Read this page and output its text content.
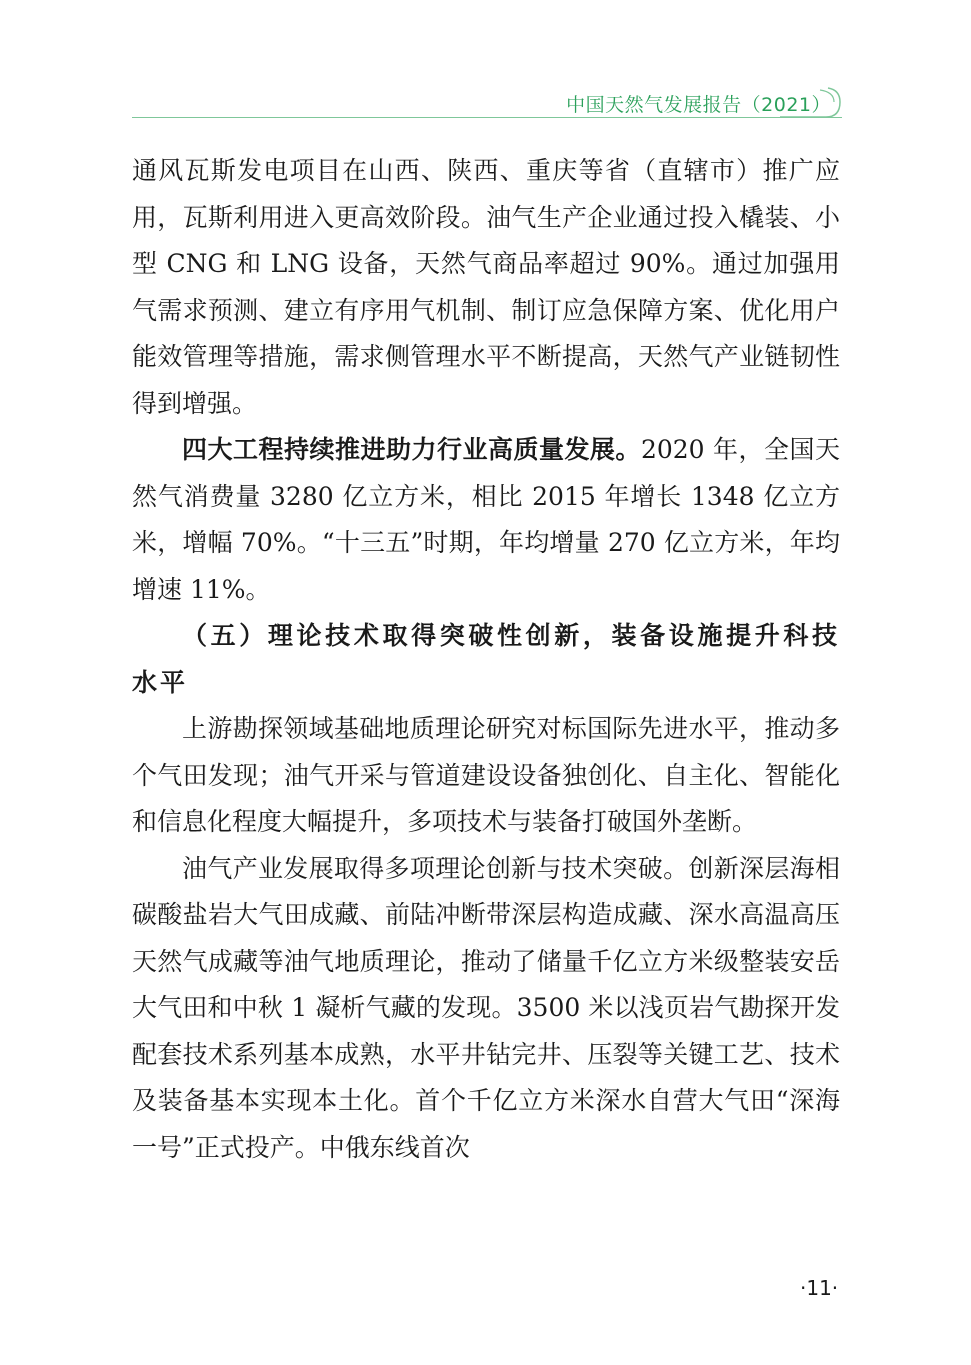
中国天然气发展报告（2021）

通风瓦斯发电项目在山西、陕西、重庆等省（直辖市）推广应用，瓦斯利用进入更高效阶段。油气生产企业通过投入橇装、小型 CNG 和 LNG 设备，天然气商品率超过 90%。通过加强用气需求预测、建立有序用气机制、制订应急保障方案、优化用户能效管理等措施，需求侧管理水平不断提高，天然气产业链韧性得到增强。

四大工程持续推进助力行业高质量发展。2020 年，全国天然气消费量 3280 亿立方米，相比 2015 年增长 1348 亿立方米，增幅 70%。“十三五”时期，年均增量 270 亿立方米，年均增速 11%。

（五）理论技术取得突破性创新，装备设施提升科技水平

上游勘探领域基础地质理论研究对标国际先进水平，推动多个气田发现；油气开采与管道建设设备独创化、自主化、智能化和信息化程度大幅提升，多项技术与装备打破国外垄断。

油气产业发展取得多项理论创新与技术突破。创新深层海相碳酸盐岩大气田成藏、前陆冲断带深层构造成藏、深水高温高压天然气成藏等油气地质理论，推动了储量千亿立方米级整装安岳大气田和中秋 1 凝析气藏的发现。3500 米以浅页岩气勘探开发配套技术系列基本成熟，水平井钻完井、压裂等关键工艺、技术及装备基本实现本土化。首个千亿立方米深水自营大气田“深海一号”正式投产。中俄东线首次

·11·
